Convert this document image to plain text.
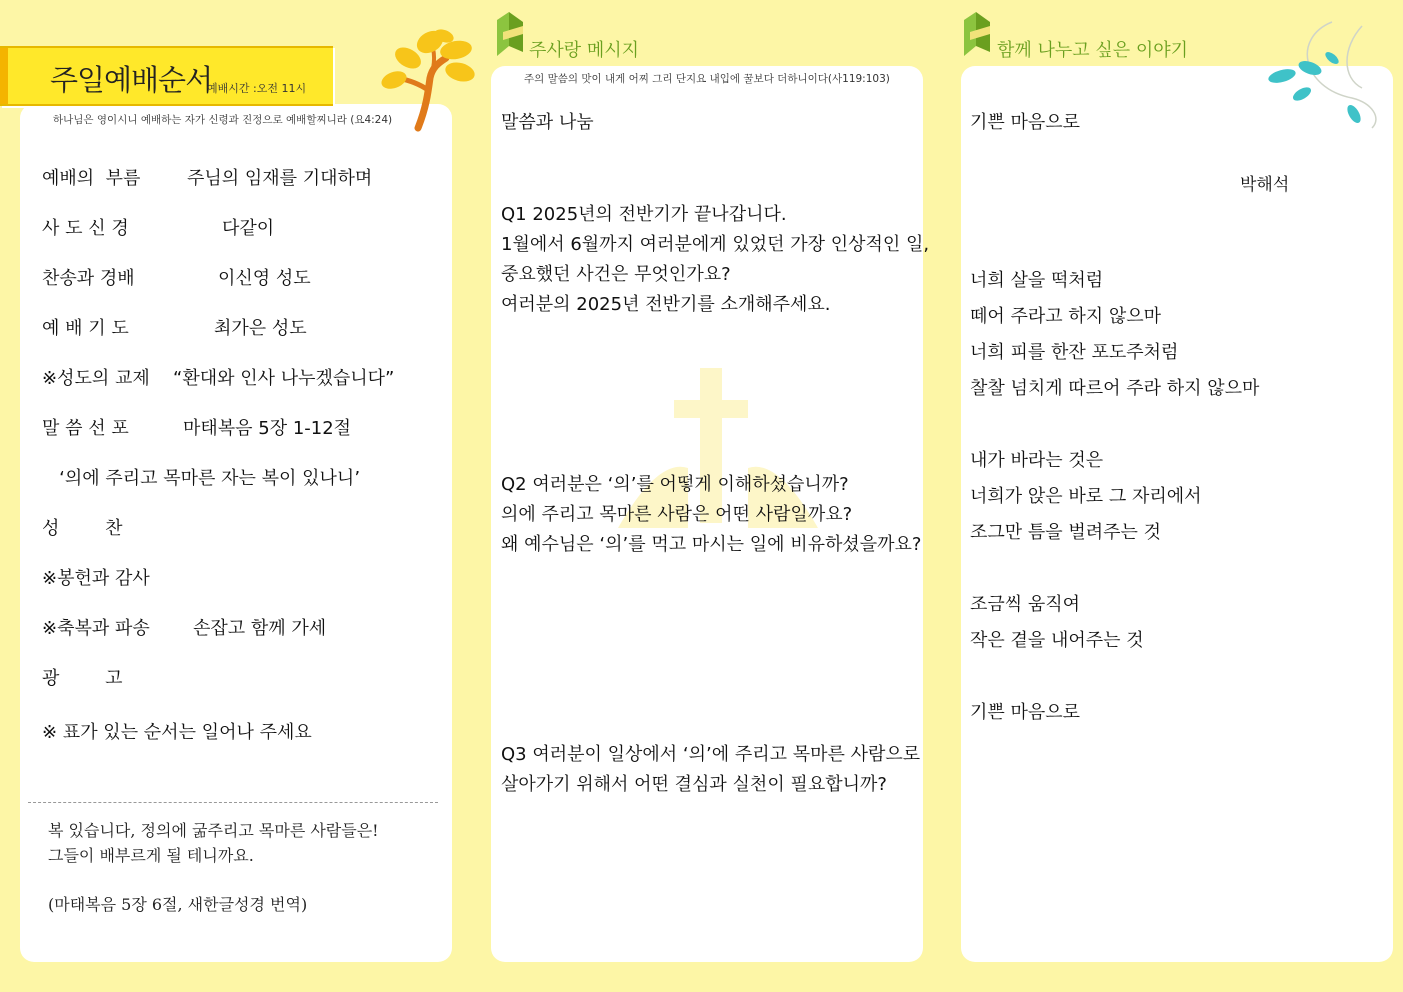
주일예배순서
예배시간 :오전 11시
하나님은 영이시니 예배하는 자가 신령과 진정으로 예배할찌니라 (요4:24)
예배의  부름	주님의 임재를 기대하며
사 도 신 경	다같이
찬송과 경배	이신영 성도
예 배 기 도	최가은 성도
※성도의 교제 “환대와 인사 나누겠습니다”
말 씀 선 포	마태복음 5장 1-12절
‘의에 주리고 목마른 자는 복이 있나니’
성        찬
※봉헌과 감사
※축복과 파송 손잡고 함께 가세
광        고
※ 표가 있는 순서는 일어나 주세요
복 있습니다, 정의에 굶주리고 목마른 사람들은!
그들이 배부르게 될 테니까요.
(마태복음 5장 6절, 새한글성경 번역)
주사랑 메시지
주의 말씀의 맛이 내게 어찌 그리 단지요 내입에 꿀보다 더하니이다(사119:103)
말씀과 나눔
Q1 2025년의 전반기가 끝나갑니다.
1월에서 6월까지 여러분에게 있었던 가장 인상적인 일,
중요했던 사건은 무엇인가요?
여러분의 2025년 전반기를 소개해주세요.
Q2 여러분은 ‘의’를 어떻게 이해하셨습니까?
의에 주리고 목마른 사람은 어떤 사람일까요?
왜 예수님은 ‘의’를 먹고 마시는 일에 비유하셨을까요?
Q3 여러분이 일상에서 ‘의’에 주리고 목마른 사람으로
살아가기 위해서 어떤 결심과 실천이 필요합니까?
함께 나누고 싶은 이야기
기쁜 마음으로
박해석
너희 살을 떡처럼
떼어 주라고 하지 않으마
너희 피를 한잔 포도주처럼
찰찰 넘치게 따르어 주라 하지 않으마
내가 바라는 것은
너희가 앉은 바로 그 자리에서
조그만 틈을 벌려주는 것
조금씩 움직여
작은 곁을 내어주는 것
기쁜 마음으로
